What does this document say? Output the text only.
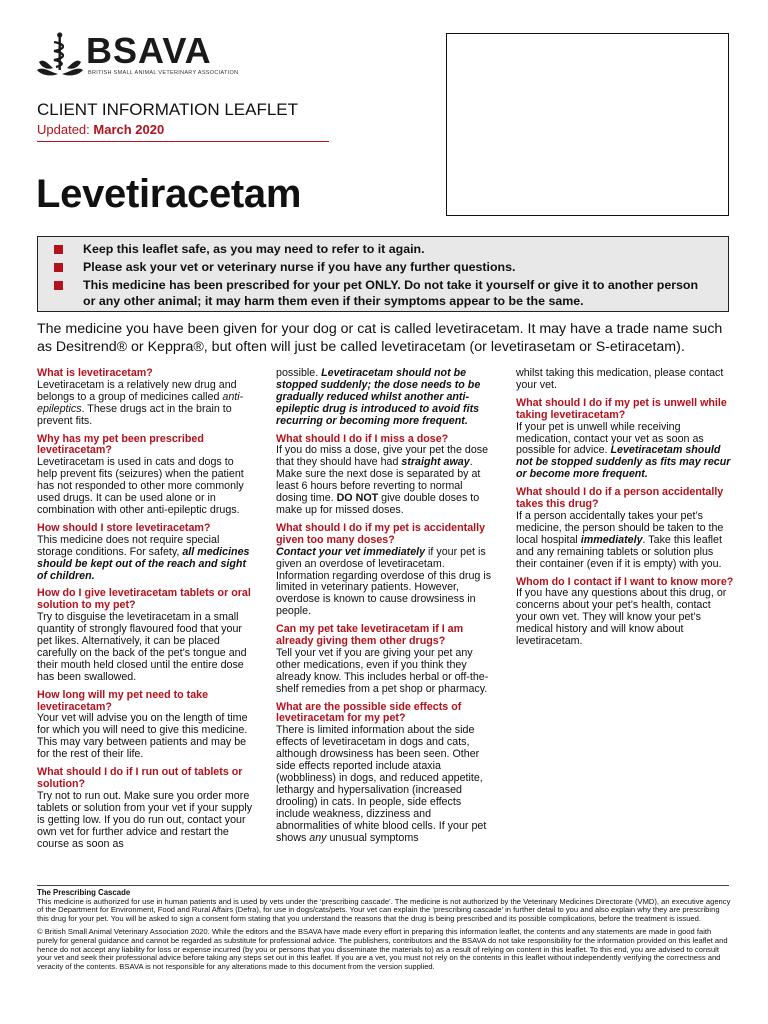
BSAVA
BRITISH SMALL ANIMAL VETERINARY ASSOCIATION
CLIENT INFORMATION LEAFLET
Updated: March 2020
Levetiracetam
Keep this leaflet safe, as you may need to refer to it again.
Please ask your vet or veterinary nurse if you have any further questions.
This medicine has been prescribed for your pet ONLY. Do not take it yourself or give it to another person
or any other animal; it may harm them even if their symptoms appear to be the same.
The medicine you have been given for your dog or cat is called levetiracetam. It may have a trade name such as Desitrend® or Keppra®, but often will just be called levetiracetam (or levetirasetam or S-etiracetam).
What is levetiracetam?

Levetiracetam is a relatively new drug and belongs to a group of medicines called anti-epileptics. These drugs act in the brain to prevent fits.

Why has my pet been prescribed levetiracetam?

Levetiracetam is used in cats and dogs to help prevent fits (seizures) when the patient has not responded to other more commonly used drugs. It can be used alone or in combination with other anti-epileptic drugs.

How should I store levetiracetam?

This medicine does not require special storage conditions. For safety, all medicines should be kept out of the reach and sight of children.

How do I give levetiracetam tablets or oral solution to my pet?

Try to disguise the levetiracetam in a small quantity of strongly flavoured food that your pet likes. Alternatively, it can be placed carefully on the back of the pet’s tongue and their mouth held closed until the entire dose has been swallowed.

How long will my pet need to take levetiracetam?

Your vet will advise you on the length of time for which you will need to give this medicine. This may vary between patients and may be for the rest of their life.

What should I do if I run out of tablets or solution?

Try not to run out. Make sure you order more tablets or solution from your vet if your supply is getting low. If you do run out, contact your own vet for further advice and restart the course as soon as

possible. Levetiracetam should not be stopped suddenly; the dose needs to be gradually reduced whilst another anti-epileptic drug is introduced to avoid fits recurring or becoming more frequent.

What should I do if I miss a dose?

If you do miss a dose, give your pet the dose that they should have had straight away. Make sure the next dose is separated by at least 6 hours before reverting to normal dosing time. DO NOT give double doses to make up for missed doses.

What should I do if my pet is accidentally given too many doses?

Contact your vet immediately if your pet is given an overdose of levetiracetam. Information regarding overdose of this drug is limited in veterinary patients. However, overdose is known to cause drowsiness in people.

Can my pet take levetiracetam if I am already giving them other drugs?

Tell your vet if you are giving your pet any other medications, even if you think they already know. This includes herbal or off-the-shelf remedies from a pet shop or pharmacy.

What are the possible side effects of levetiracetam for my pet?

There is limited information about the side effects of levetiracetam in dogs and cats, although drowsiness has been seen. Other side effects reported include ataxia (wobbliness) in dogs, and reduced appetite, lethargy and hypersalivation (increased drooling) in cats. In people, side effects include weakness, dizziness and abnormalities of white blood cells. If your pet shows any unusual symptoms

whilst taking this medication, please contact your vet.

What should I do if my pet is unwell while taking levetiracetam?

If your pet is unwell while receiving medication, contact your vet as soon as possible for advice. Levetiracetam should not be stopped suddenly as fits may recur or become more frequent.

What should I do if a person accidentally takes this drug?

If a person accidentally takes your pet’s medicine, the person should be taken to the local hospital immediately. Take this leaflet and any remaining tablets or solution plus their container (even if it is empty) with you.

Whom do I contact if I want to know more?

If you have any questions about this drug, or concerns about your pet’s health, contact your own vet. They will know your pet’s medical history and will know about levetiracetam.

The Prescribing Cascade

This medicine is authorized for use in human patients and is used by vets under the ‘prescribing cascade’. The medicine is not authorized by the Veterinary Medicines Directorate (VMD), an executive agency of the Department for Environment, Food and Rural Affairs (Defra), for use in dogs/cats/pets. Your vet can explain the ‘prescribing cascade’ in further detail to you and also explain why they are prescribing this drug for your pet. You will be asked to sign a consent form stating that you understand the reasons that the drug is being prescribed and its possible complications, before the treatment is issued.

© British Small Animal Veterinary Association 2020. While the editors and the BSAVA have made every effort in preparing this information leaflet, the contents and any statements are made in good faith purely for general guidance and cannot be regarded as substitute for professional advice. The publishers, contributors and the BSAVA do not take responsibility for the information provided on this leaflet and hence do not accept any liability for loss or expense incurred (by you or persons that you disseminate the materials to) as a result of relying on content in this leaflet. To this end, you are advised to consult your vet and seek their professional advice before taking any steps set out in this leaflet. If you are a vet, you must not rely on the contents in this leaflet without independently verifying the correctness and veracity of the contents. BSAVA is not responsible for any alterations made to this document from the version supplied.
